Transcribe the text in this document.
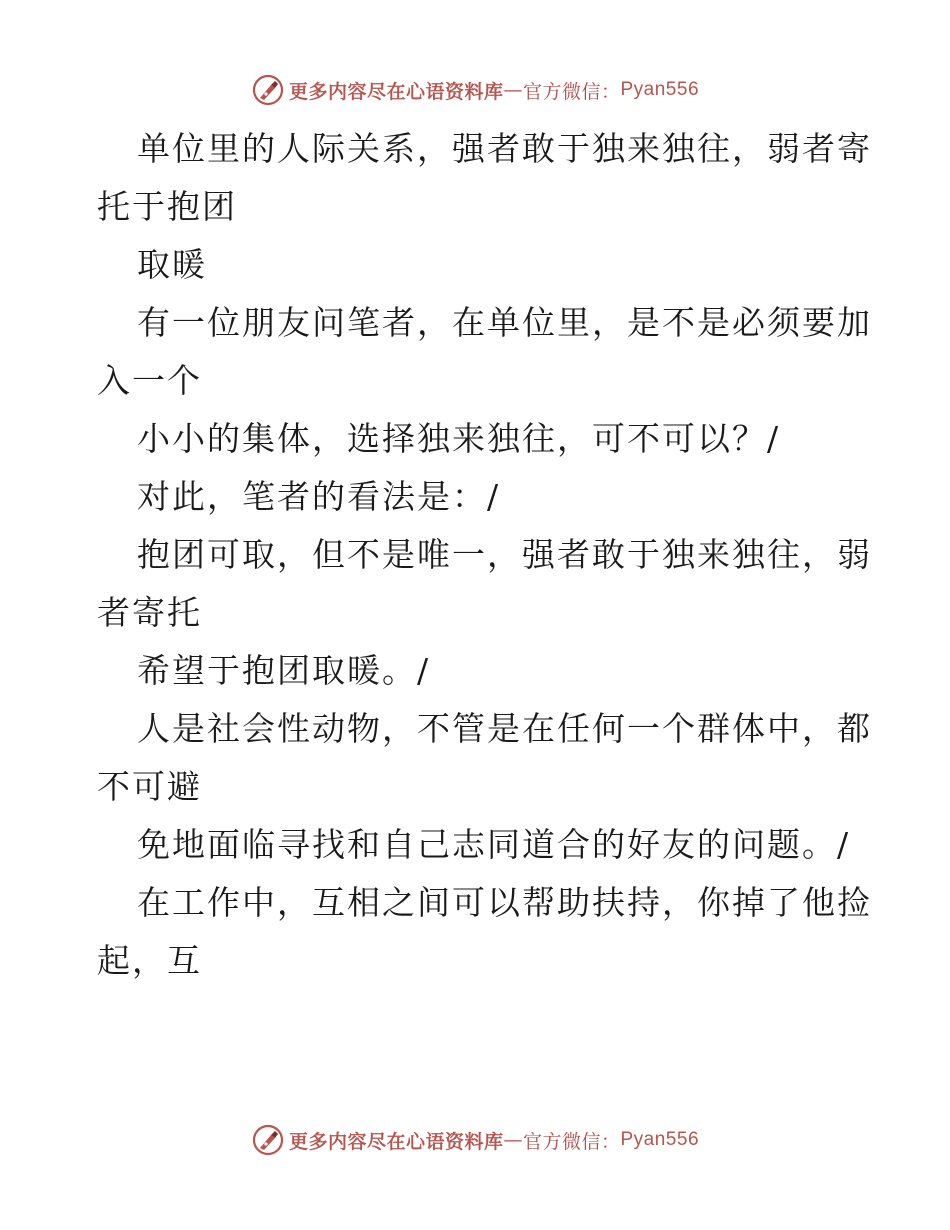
更多内容尽在心语资料库 — 官方微信： Pyan556
单位里的人际关系，强者敢于独来独往，弱者寄
托于抱团
取暖
有一位朋友问笔者，在单位里，是不是必须要加
入一个
小小的集体，选择独来独往，可不可以？/
对此，笔者的看法是：/
抱团可取，但不是唯一，强者敢于独来独往，弱
者寄托
希望于抱团取暖。/
人是社会性动物，不管是在任何一个群体中，都
不可避
免地面临寻找和自己志同道合的好友的问题。/
在工作中，互相之间可以帮助扶持，你掉了他捡
起，互
更多内容尽在心语资料库 — 官方微信： Pyan556
